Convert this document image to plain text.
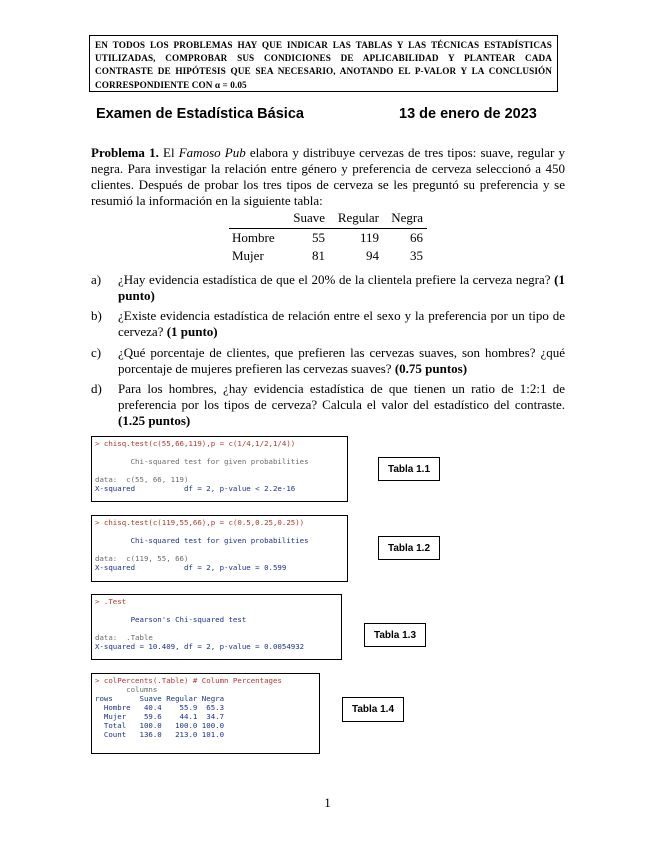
EN TODOS LOS PROBLEMAS HAY QUE INDICAR LAS TABLAS Y LAS TÉCNICAS ESTADÍSTICAS
UTILIZADAS, COMPROBAR SUS CONDICIONES DE APLICABILIDAD Y PLANTEAR CADA
CONTRASTE DE HIPÓTESIS QUE SEA NECESARIO, ANOTANDO EL P-VALOR Y LA CONCLUSIÓN
CORRESPONDIENTE CON α = 0.05
Examen de Estadística Básica	13 de enero de 2023
Problema 1. El Famoso Pub elabora y distribuye cervezas de tres tipos: suave, regular y negra. Para investigar la relación entre género y preferencia de cerveza seleccionó a 450 clientes. Después de probar los tres tipos de cerveza se les preguntó su preferencia y se resumió la información en la siguiente tabla:
	Suave	Regular	Negra
Hombre	55	119	66
Mujer	81	94	35
a) ¿Hay evidencia estadística de que el 20% de la clientela prefiere la cerveza negra? (1 punto)
b) ¿Existe evidencia estadística de relación entre el sexo y la preferencia por un tipo de cerveza? (1 punto)
c) ¿Qué porcentaje de clientes, que prefieren las cervezas suaves, son hombres? ¿qué porcentaje de mujeres prefieren las cervezas suaves? (0.75 puntos)
d) Para los hombres, ¿hay evidencia estadística de que tienen un ratio de 1:2:1 de preferencia por los tipos de cerveza? Calcula el valor del estadístico del contraste. (1.25 puntos)
> chisq.test(c(55,66,119),p = c(1/4,1/2,1/4))
Chi-squared test for given probabilities
data:  c(55, 66, 119)
X-squared           df = 2, p-value < 2.2e-16
Tabla 1.1
> chisq.test(c(119,55,66),p = c(0.5,0.25,0.25))
Chi-squared test for given probabilities
data:  c(119, 55, 66)
X-squared           df = 2, p-value = 0.599
Tabla 1.2
> .Test
Pearson's Chi-squared test
data:  .Table
X-squared = 10.409, df = 2, p-value = 0.0054932
Tabla 1.3
> colPercents(.Table) # Column Percentages
columns
rows      Suave Regular Negra
Hombre   40.4    55.9  65.3
Mujer    59.6    44.1  34.7
Total   100.0   100.0 100.0
Count   136.0   213.0 101.0
Tabla 1.4
1
